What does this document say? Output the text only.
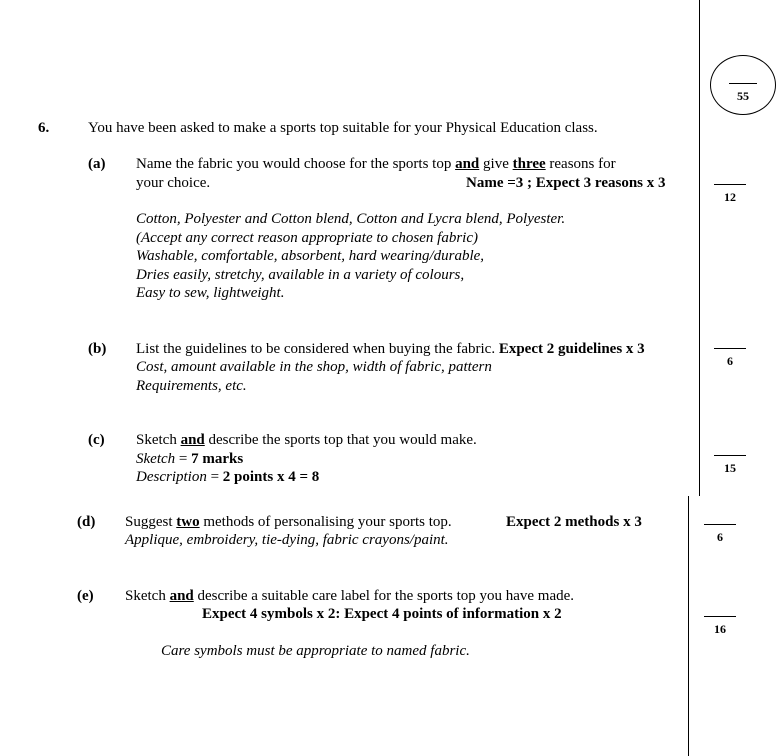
55
6.	You have been asked to make a sports top suitable for your Physical Education class.
(a) Name the fabric you would choose for the sports top and give three reasons for
your choice.	Name =3 ; Expect 3 reasons x 3
Cotton, Polyester and Cotton blend, Cotton and Lycra blend, Polyester.
(Accept any correct reason appropriate to chosen fabric)
Washable, comfortable, absorbent, hard wearing/durable,
Dries easily, stretchy, available in a variety of colours,
Easy to sew, lightweight.
12
(b) List the guidelines to be considered when buying the fabric. Expect 2 guidelines x 3
Cost, amount available in the shop, width of fabric, pattern
Requirements, etc.
6
(c) Sketch and describe the sports top that you would make.
Sketch = 7 marks
Description = 2 points x 4 = 8
15
(d) Suggest two methods of personalising your sports top.	Expect 2 methods x 3
Applique, embroidery, tie-dying, fabric crayons/paint.	6
(e) Sketch and describe a suitable care label for the sports top you have made.
Expect 4 symbols x 2: Expect 4 points of information x 2
Care symbols must be appropriate to named fabric.
16
